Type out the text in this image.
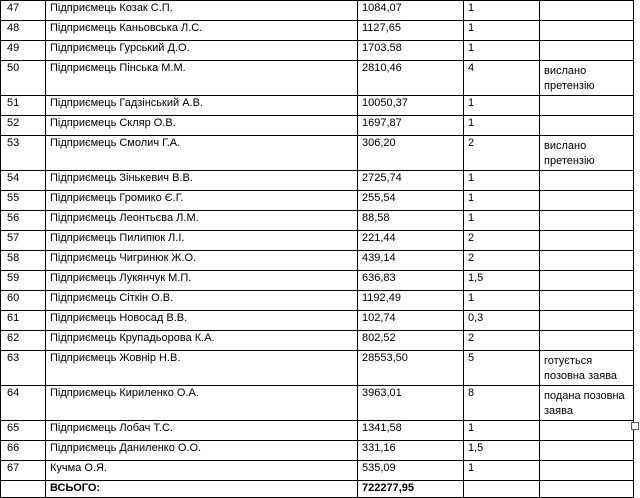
47	Підприємець Козак С.П.	1084,07	1	
48	Підприємець Каньовська Л.С.	1127,65	1	
49	Підприємець Гурський Д.О.	1703,58	1	
50	Підприємець Пінська М.М.	2810,46	4	вислано претензію
51	Підприємець Гадзінський А.В.	10050,37	1	
52	Підприємець Скляр О.В.	1697,87	1	
53	Підприємець Смолич Г.А.	306,20	2	вислано претензію
54	Підприємець Зінькевич В.В.	2725,74	1	
55	Підприємець Громико Є.Г.	255,54	1	
56	Підприємець Леонтьєва Л.М.	88,58	1	
57	Підприємець Пилипюк Л.І.	221,44	2	
58	Підприємець Чигринюк Ж.О.	439,14	2	
59	Підприємець Лукянчук М.П.	636,83	1,5	
60	Підприємець Сіткін О.В.	1192,49	1	
61	Підприємець Новосад В.В.	102,74	0,3	
62	Підприємець Крупадьорова К.А.	802,52	2	
63	Підприємець Жовнір Н.В.	28553,50	5	готується позовна заява
64	Підприємець Кириленко О.А.	3963,01	8	подана позовна заява
65	Підприємець Лобач Т.С.	1341,58	1	
66	Підприємець Даниленко О.О.	331,16	1,5	
67	Кучма О.Я.	535,09	1	
	ВСЬОГО:	722277,95		
